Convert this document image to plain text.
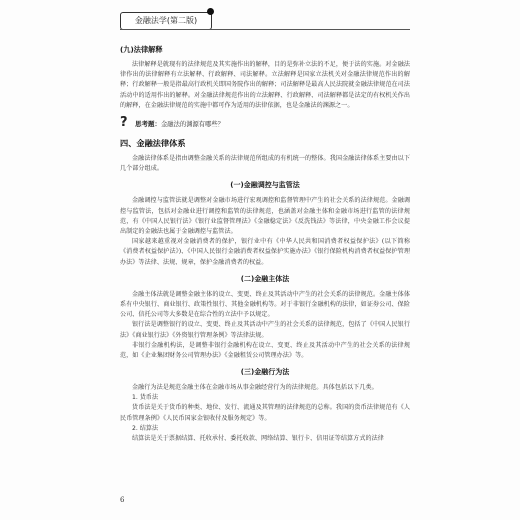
金融法学(第二版)
(九)法律解释

法律解释是就现有的法律规范及其实施作出的解释，目的是弥补立法的不足，便于法的实施。对金融法律作出的法律解释有立法解释、行政解释、司法解释。立法解释是国家立法机关对金融法律规范作出的解释；行政解释一般是指最高行政机关即国务院作出的解释；司法解释是最高人民法院就金融法律规范在司法活动中的适用作出的解释。对金融法律规范作出的立法解释、行政解释、司法解释都是法定的有权机关作出的解释，在金融法律规范的实施中都可作为适用的法律依据，也是金融法的渊源之一。

?	思考题： 金融法的渊源有哪些？
四、金融法律体系

金融法律体系是指由调整金融关系的法律规范所组成的有机统一的整体。我国金融法律体系主要由以下几个部分组成。

(一)金融调控与监管法

金融调控与监管法就是调整对金融市场进行宏观调控和监督管理中产生的社会关系的法律规范。金融调控与监管法，包括对金融业进行调控和监管的法律规范，也涵盖对金融主体和金融市场进行监管的法律规范，有《中国人民银行法》《银行业监督管理法》《金融稳定法》《反洗钱法》等法律，中央金融工作会议提出制定的金融法也属于金融调控与监管法。

国家越来越重视对金融消费者的保护，银行业中有《中华人民共和国消费者权益保护法》(以下简称《消费者权益保护法》)、《中国人民银行金融消费者权益保护实施办法》《银行保险机构消费者权益保护管理办法》等法律、法规、规章，保护金融消费者的权益。

(二)金融主体法

金融主体法就是调整金融主体的设立、变更、终止及其活动中产生的社会关系的法律规范。金融主体体系有中央银行、商业银行、政策性银行、其他金融机构等。对于非银行金融机构的法律，如证券公司、保险公司、信托公司等大多数是在综合性的立法中予以规定。

银行法是调整银行的设立、变更、终止及其活动中产生的社会关系的法律规范，包括了《中国人民银行法》《商业银行法》《外资银行管理条例》等法律法规。

非银行金融机构法，是调整非银行金融机构在设立、变更、终止及其活动中产生的社会关系的法律规范，如《企业集团财务公司管理办法》《金融租赁公司管理办法》等。

(三)金融行为法

金融行为法是规范金融主体在金融市场从事金融经营行为的法律规范。具体包括以下几类。

1. 货币法

货币法是关于货币的种类、地位、发行、流通及其管理的法律规范的总称。我国的货币法律规范有《人民币管理条例》《人民币国家金银收付及服务规定》等。

2. 结算法

结算法是关于票据结算、托收承付、委托收款、网络结算、银行卡、信用证等结算方式的法律

6
